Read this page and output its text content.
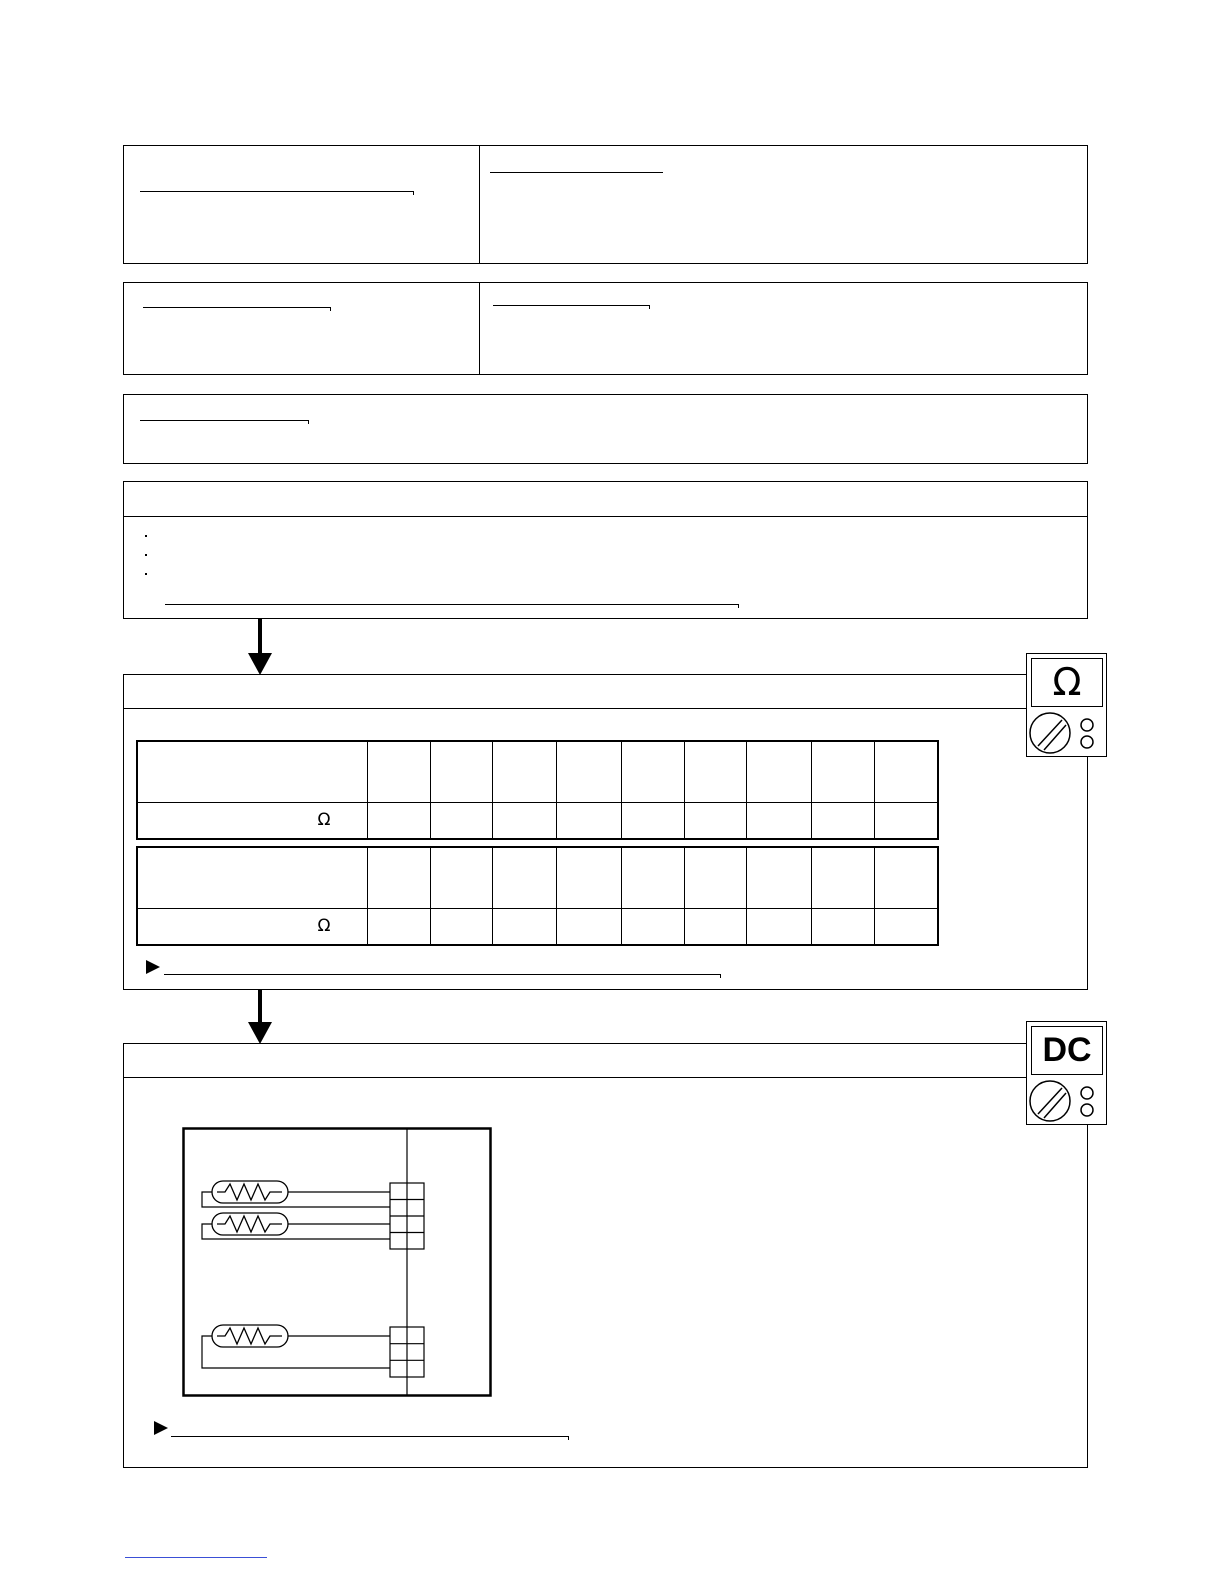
Ω									

Ω									

Ω
DC
